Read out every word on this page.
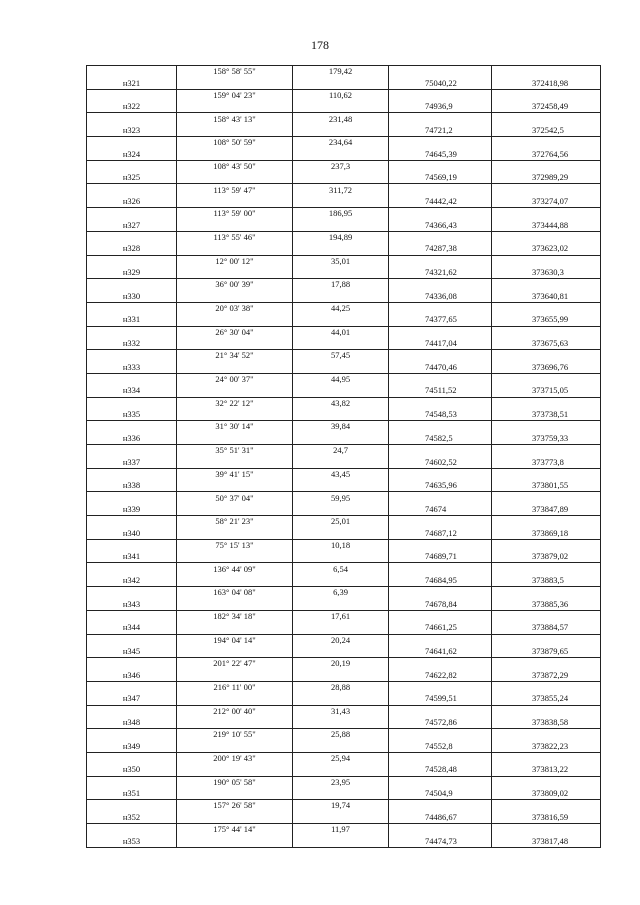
178
	158° 58' 55"	179,42		
н321			75040,22	372418,98
	159° 04' 23"	110,62		
н322			74936,9	372458,49
	158° 43' 13"	231,48		
н323			74721,2	372542,5
	108° 50' 59"	234,64		
н324			74645,39	372764,56
	108° 43' 50"	237,3		
н325			74569,19	372989,29
	113° 59' 47"	311,72		
н326			74442,42	373274,07
	113° 59' 00"	186,95		
н327			74366,43	373444,88
	113° 55' 46"	194,89		
н328			74287,38	373623,02
	12° 00' 12"	35,01		
н329			74321,62	373630,3
	36° 00' 39"	17,88		
н330			74336,08	373640,81
	20° 03' 38"	44,25		
н331			74377,65	373655,99
	26° 30' 04"	44,01		
н332			74417,04	373675,63
	21° 34' 52"	57,45		
н333			74470,46	373696,76
	24° 00' 37"	44,95		
н334			74511,52	373715,05
	32° 22' 12"	43,82		
н335			74548,53	373738,51
	31° 30' 14"	39,84		
н336			74582,5	373759,33
	35° 51' 31"	24,7		
н337			74602,52	373773,8
	39° 41' 15"	43,45		
н338			74635,96	373801,55
	50° 37' 04"	59,95		
н339			74674	373847,89
	58° 21' 23"	25,01		
н340			74687,12	373869,18
	75° 15' 13"	10,18		
н341			74689,71	373879,02
	136° 44' 09"	6,54		
н342			74684,95	373883,5
	163° 04' 08"	6,39		
н343			74678,84	373885,36
	182° 34' 18"	17,61		
н344			74661,25	373884,57
	194° 04' 14"	20,24		
н345			74641,62	373879,65
	201° 22' 47"	20,19		
н346			74622,82	373872,29
	216° 11' 00"	28,88		
н347			74599,51	373855,24
	212° 00' 40"	31,43		
н348			74572,86	373838,58
	219° 10' 55"	25,88		
н349			74552,8	373822,23
	200° 19' 43"	25,94		
н350			74528,48	373813,22
	190° 05' 58"	23,95		
н351			74504,9	373809,02
	157° 26' 58"	19,74		
н352			74486,67	373816,59
	175° 44' 14"	11,97		
н353			74474,73	373817,48
